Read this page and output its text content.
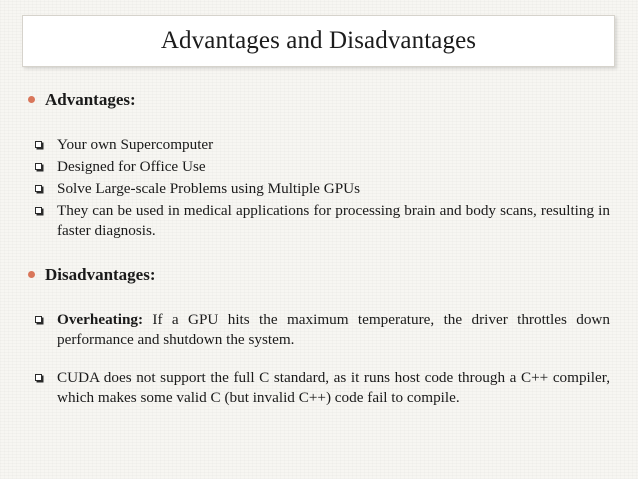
Advantages and Disadvantages
Advantages:
Your own Supercomputer
Designed for Office Use
Solve Large-scale Problems using Multiple GPUs
They can be used in medical applications for processing brain and body scans, resulting in faster diagnosis.
Disadvantages:
Overheating: If a GPU hits the maximum temperature, the driver throttles down performance and shutdown the system.
CUDA does not support the full C standard, as it runs host code through a C++ compiler, which makes some valid C (but invalid C++) code fail to compile.
